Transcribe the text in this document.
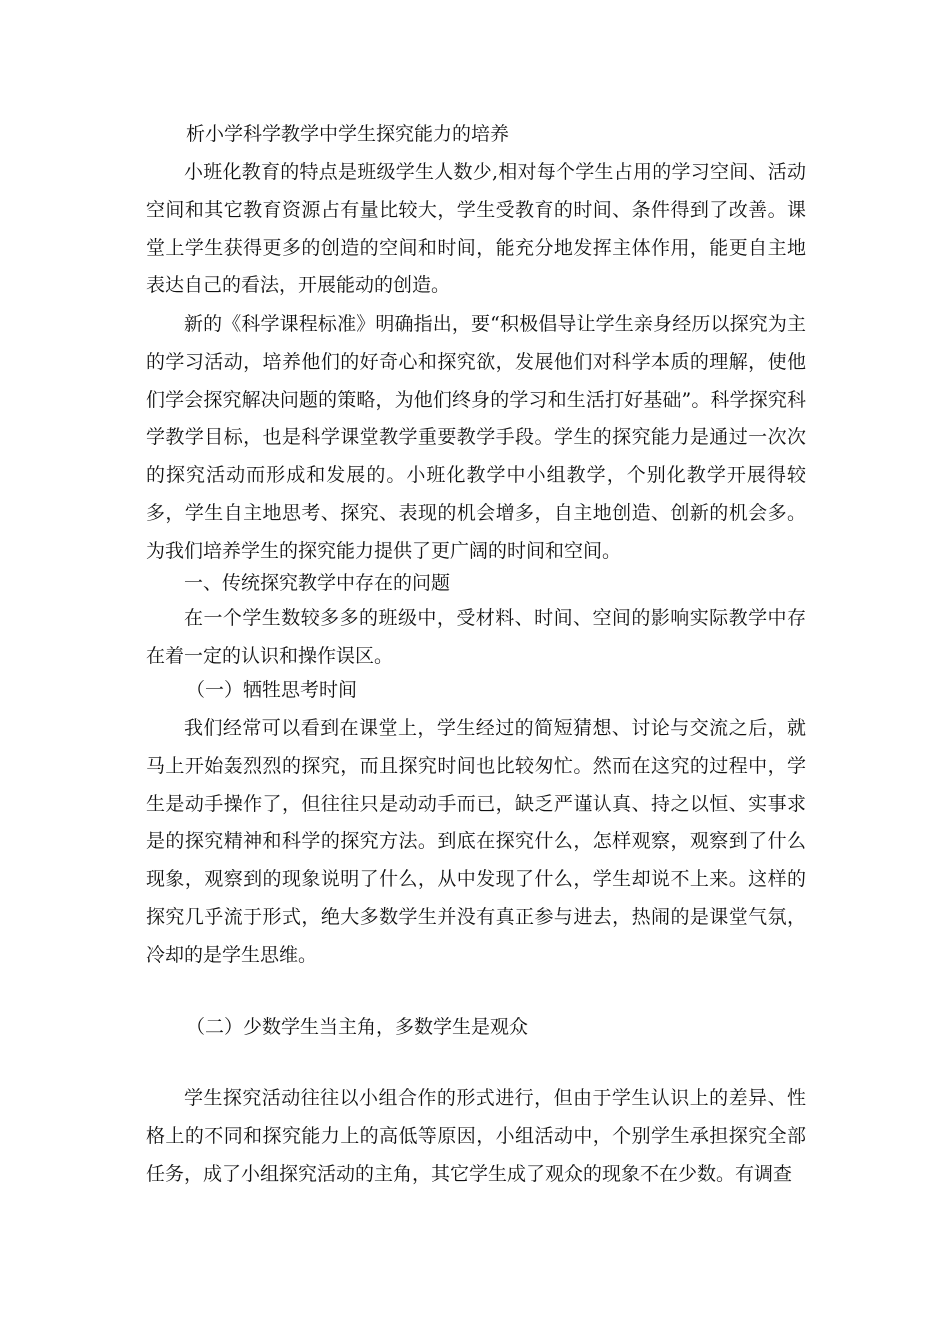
析小学科学教学中学生探究能力的培养
小班化教育的特点是班级学生人数少,相对每个学生占用的学习空间、活动空间和其它教育资源占有量比较大，学生受教育的时间、条件得到了改善。课堂上学生获得更多的创造的空间和时间，能充分地发挥主体作用，能更自主地表达自己的看法，开展能动的创造。
新的《科学课程标准》明确指出，要“积极倡导让学生亲身经历以探究为主的学习活动，培养他们的好奇心和探究欲，发展他们对科学本质的理解，使他们学会探究解决问题的策略，为他们终身的学习和生活打好基础”。科学探究科学教学目标，也是科学课堂教学重要教学手段。学生的探究能力是通过一次次的探究活动而形成和发展的。小班化教学中小组教学，个别化教学开展得较多，学生自主地思考、探究、表现的机会增多，自主地创造、创新的机会多。为我们培养学生的探究能力提供了更广阔的时间和空间。
一、传统探究教学中存在的问题
在一个学生数较多多的班级中，受材料、时间、空间的影响实际教学中存在着一定的认识和操作误区。
（一）牺牲思考时间
我们经常可以看到在课堂上，学生经过的简短猜想、讨论与交流之后，就马上开始轰烈烈的探究，而且探究时间也比较匆忙。然而在这究的过程中，学生是动手操作了，但往往只是动动手而已，缺乏严谨认真、持之以恒、实事求是的探究精神和科学的探究方法。到底在探究什么，怎样观察，观察到了什么现象，观察到的现象说明了什么，从中发现了什么，学生却说不上来。这样的探究几乎流于形式，绝大多数学生并没有真正参与进去，热闹的是课堂气氛，冷却的是学生思维。
（二）少数学生当主角，多数学生是观众
学生探究活动往往以小组合作的形式进行，但由于学生认识上的差异、性格上的不同和探究能力上的高低等原因，小组活动中，个别学生承担探究全部任务，成了小组探究活动的主角，其它学生成了观众的现象不在少数。有调查
